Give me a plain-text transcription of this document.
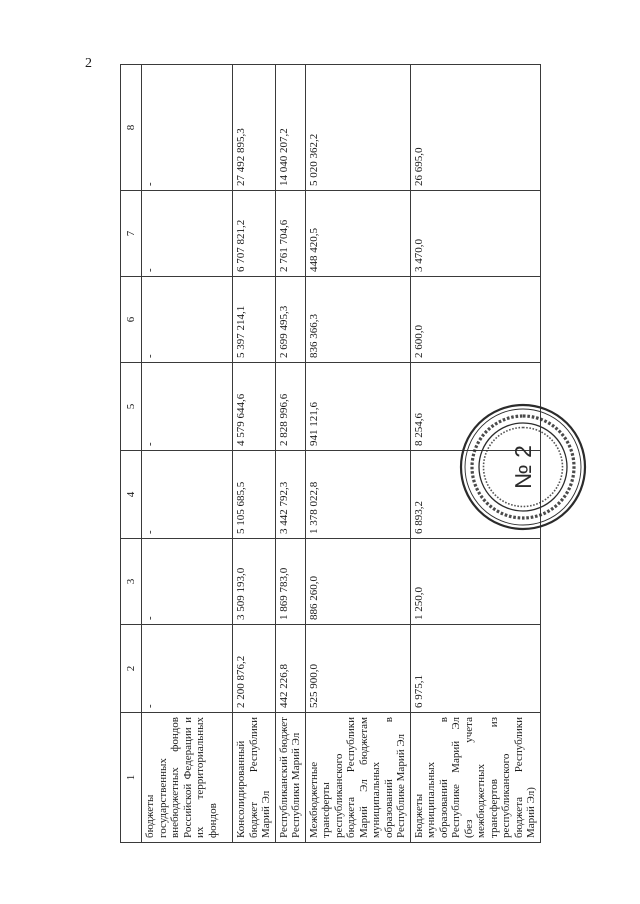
2
1	2	3	4	5	6	7	8
бюджеты государственных внебюджетных фондов Российской Федерации и их территориальных фондов	-	-	-	-	-	-	-
Консолидированный бюджет Республики Марий Эл	2 200 876,2	3 509 193,0	5 105 685,5	4 579 644,6	5 397 214,1	6 707 821,2	27 492 895,3
Республиканский бюджет Республики Марий Эл	442 226,8	1 869 783,0	3 442 792,3	2 828 996,6	2 699 495,3	2 761 704,6	14 040 207,2
Межбюджетные трансферты республиканского бюджета Республики Марий Эл бюджетам муниципальных образований в Республике Марий Эл	525 900,0	886 260,0	1 378 022,8	941 121,6	836 366,3	448 420,5	5 020 362,2
Бюджеты муниципальных образований в Республике Марий Эл (без учета межбюджетных трансфертов из республиканского бюджета Республики Марий Эл)	6 975,1	1 250,0	6 893,2	8 254,6	2 600,0	3 470,0	26 695,0
№ 2
